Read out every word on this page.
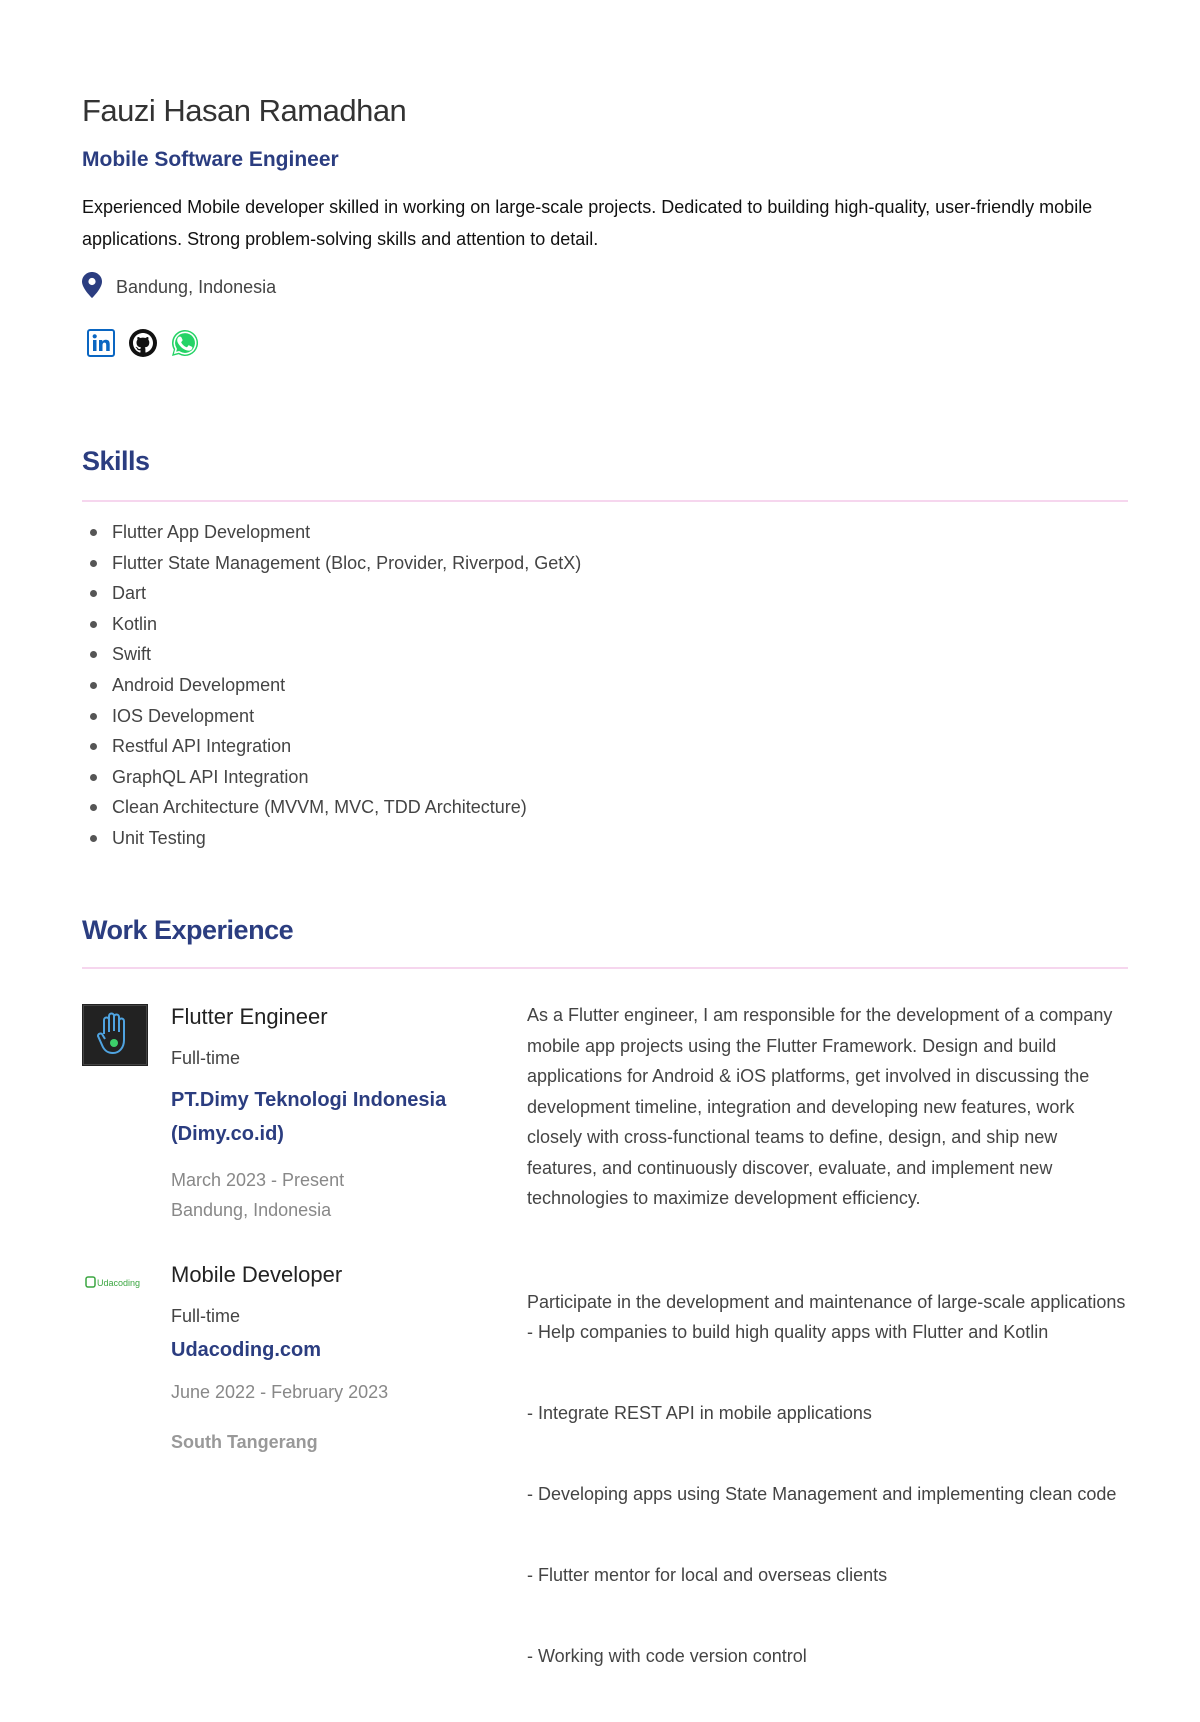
Fauzi Hasan Ramadhan
Mobile Software Engineer
Experienced Mobile developer skilled in working on large-scale projects. Dedicated to building high-quality, user-friendly mobile applications. Strong problem-solving skills and attention to detail.
Bandung, Indonesia
Skills
Flutter App Development
Flutter State Management (Bloc, Provider, Riverpod, GetX)
Dart
Kotlin
Swift
Android Development
IOS Development
Restful API Integration
GraphQL API Integration
Clean Architecture (MVVM, MVC, TDD Architecture)
Unit Testing
Work Experience
Flutter Engineer
Full-time
PT.Dimy Teknologi Indonesia (Dimy.co.id)
March 2023 - Present
Bandung, Indonesia
As a Flutter engineer, I am responsible for the development of a company mobile app projects using the Flutter Framework. Design and build applications for Android & iOS platforms, get involved in discussing the development timeline, integration and developing new features, work closely with cross-functional teams to define, design, and ship new features, and continuously discover, evaluate, and implement new technologies to maximize development efficiency.
Udacoding Mobile Developer
Full-time
Udacoding.com
June 2022 - February 2023
South Tangerang

Participate in the development and maintenance of large-scale applications
- Help companies to build high quality apps with Flutter and Kotlin

- Integrate REST API in mobile applications

- Developing apps using State Management and implementing clean code

- Flutter mentor for local and overseas clients

- Working with code version control
